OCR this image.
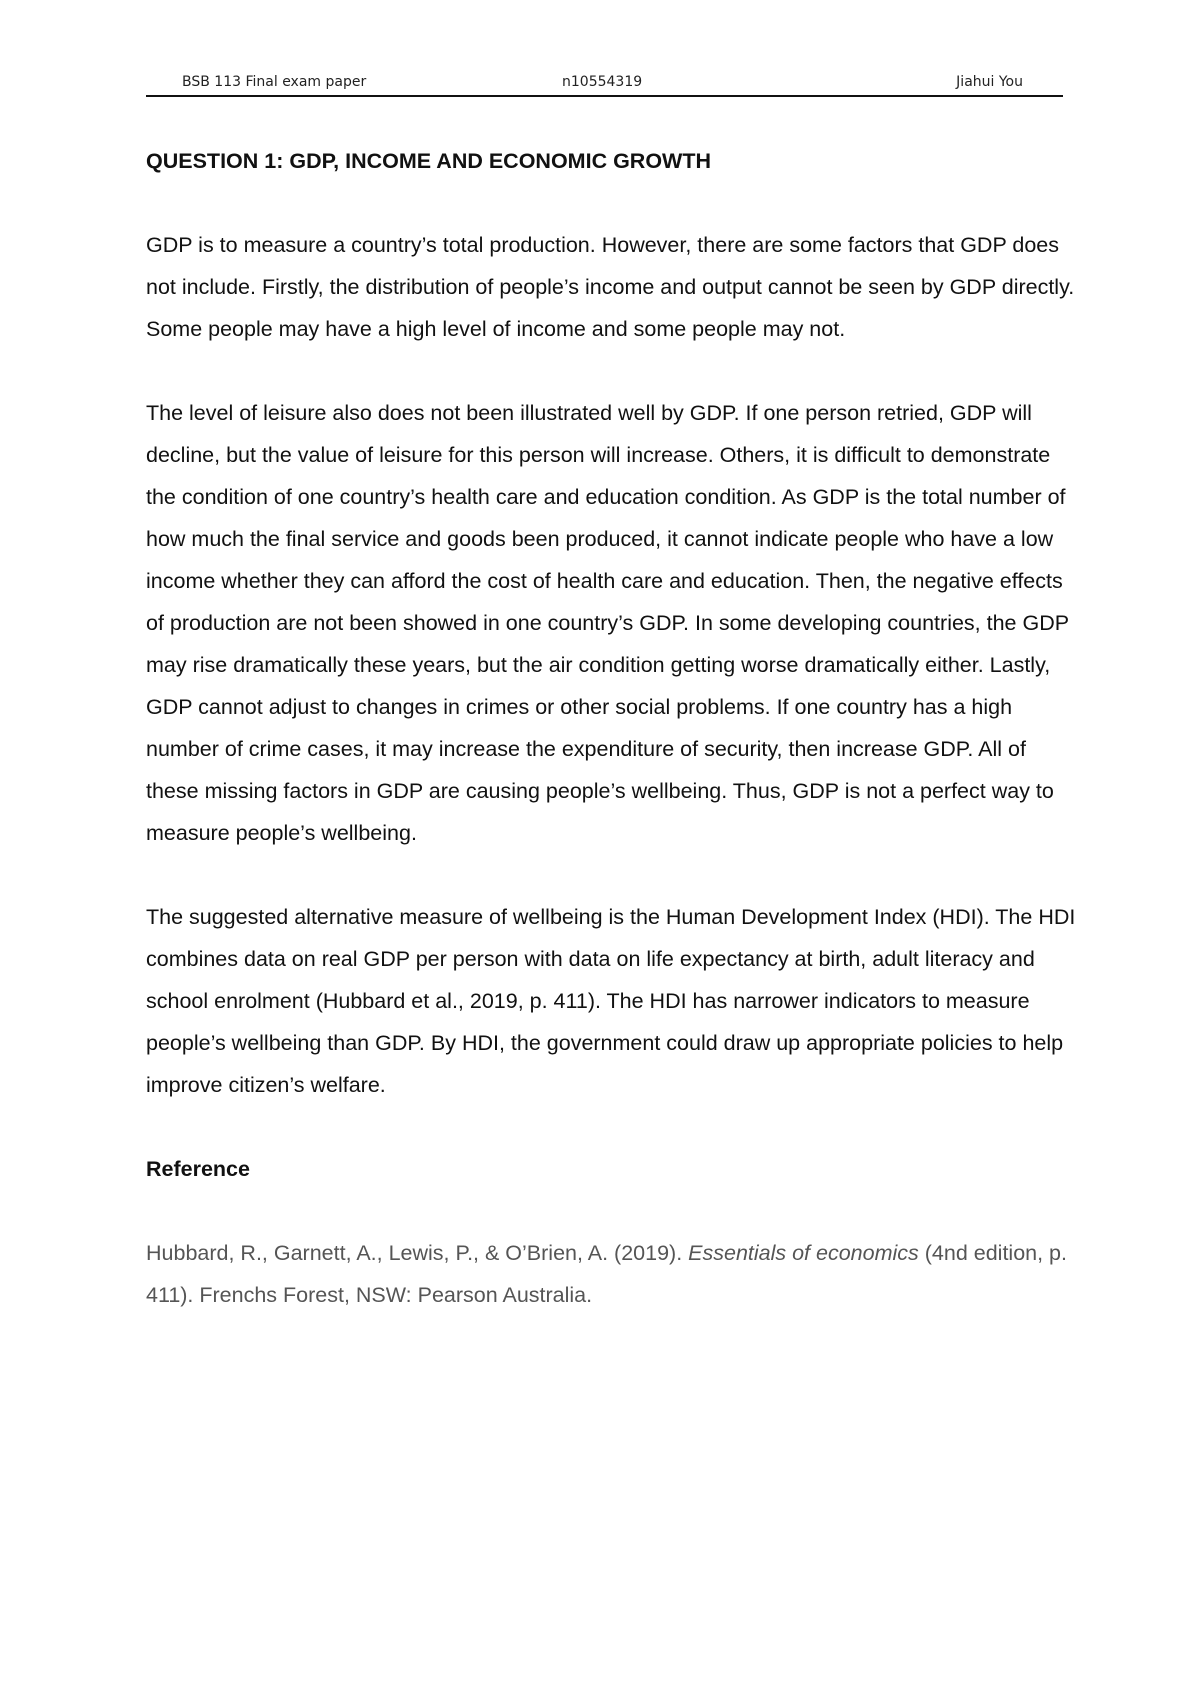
BSB 113 Final exam paper	n10554319	Jiahui You
QUESTION 1: GDP, INCOME AND ECONOMIC GROWTH

GDP is to measure a country’s total production. However, there are some factors that GDP does not include. Firstly, the distribution of people’s income and output cannot be seen by GDP directly. Some people may have a high level of income and some people may not.

The level of leisure also does not been illustrated well by GDP. If one person retried, GDP will decline, but the value of leisure for this person will increase. Others, it is difficult to demonstrate the condition of one country’s health care and education condition. As GDP is the total number of how much the final service and goods been produced, it cannot indicate people who have a low income whether they can afford the cost of health care and education. Then, the negative effects of production are not been showed in one country’s GDP. In some developing countries, the GDP may rise dramatically these years, but the air condition getting worse dramatically either. Lastly, GDP cannot adjust to changes in crimes or other social problems. If one country has a high number of crime cases, it may increase the expenditure of security, then increase GDP. All of these missing factors in GDP are causing people’s wellbeing. Thus, GDP is not a perfect way to measure people’s wellbeing.

The suggested alternative measure of wellbeing is the Human Development Index (HDI). The HDI combines data on real GDP per person with data on life expectancy at birth, adult literacy and school enrolment (Hubbard et al., 2019, p. 411). The HDI has narrower indicators to measure people’s wellbeing than GDP. By HDI, the government could draw up appropriate policies to help improve citizen’s welfare.

Reference

Hubbard, R., Garnett, A., Lewis, P., & O’Brien, A. (2019). Essentials of economics (4nd edition, p. 411). Frenchs Forest, NSW: Pearson Australia.
